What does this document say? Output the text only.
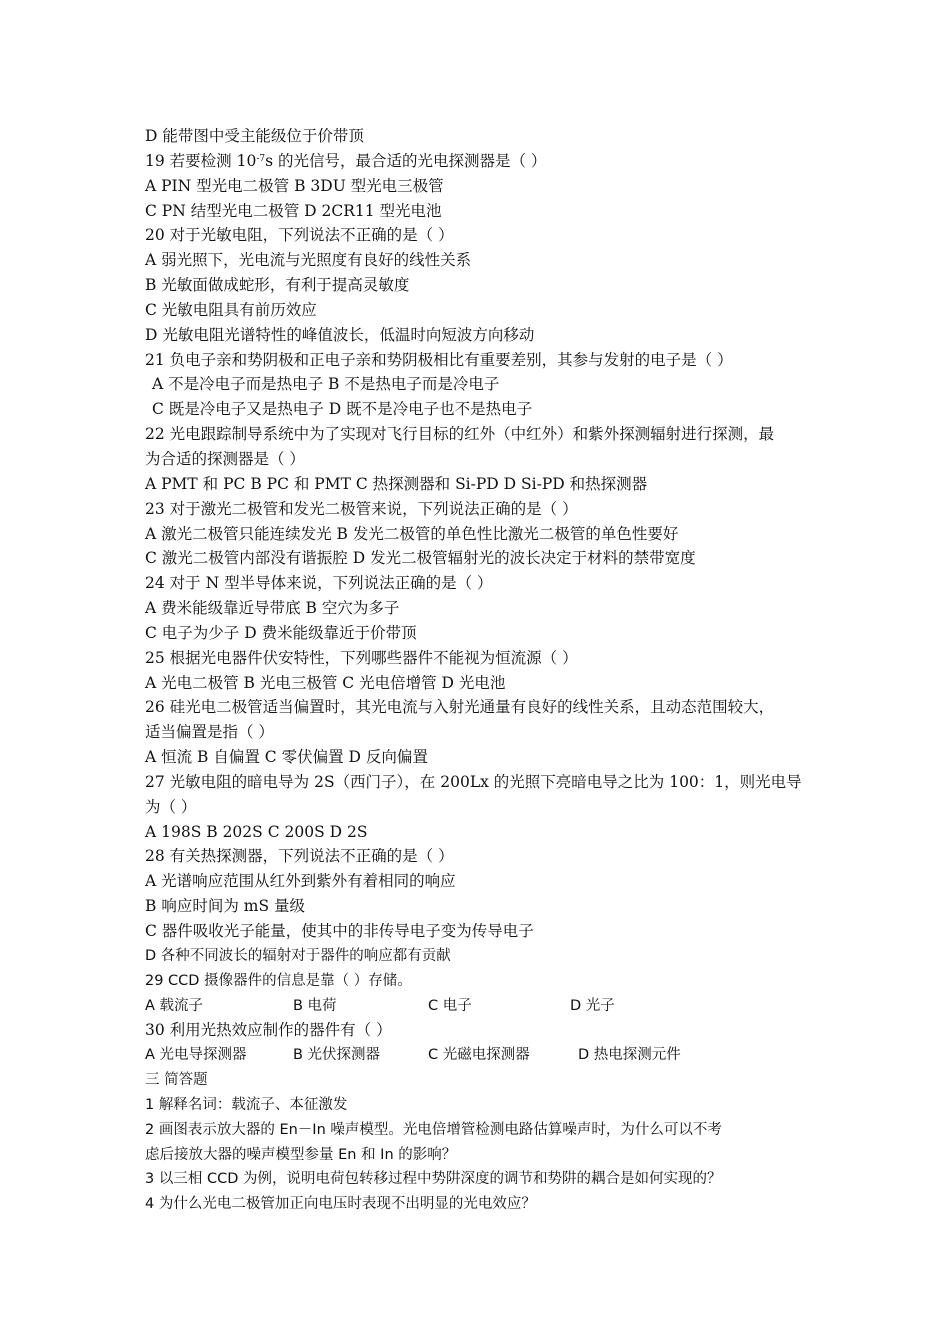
D 能带图中受主能级位于价带顶
19 若要检测 $10^{-7}s$ 的光信号，最合适的光电探测器是（ ）
A PIN 型光电二极管 B 3DU 型光电三极管
C PN 结型光电二极管 D 2CR11 型光电池
20 对于光敏电阻，下列说法不正确的是（ ）
A 弱光照下，光电流与光照度有良好的线性关系
B 光敏面做成蛇形，有利于提高灵敏度
C 光敏电阻具有前历效应
D 光敏电阻光谱特性的峰值波长，低温时向短波方向移动
21 负电子亲和势阴极和正电子亲和势阴极相比有重要差别，其参与发射的电子是（ ）
A 不是冷电子而是热电子 B 不是热电子而是冷电子
C 既是冷电子又是热电子 D 既不是冷电子也不是热电子
22 光电跟踪制导系统中为了实现对飞行目标的红外（中红外）和紫外探测辐射进行探测，最
为合适的探测器是（ ）
A PMT 和 PC B PC 和 PMT C 热探测器和 Si-PD D Si-PD 和热探测器
23 对于激光二极管和发光二极管来说，下列说法正确的是（ ）
A 激光二极管只能连续发光 B 发光二极管的单色性比激光二极管的单色性要好
C 激光二极管内部没有谐振腔 D 发光二极管辐射光的波长决定于材料的禁带宽度
24 对于 N 型半导体来说，下列说法正确的是（ ）
A 费米能级靠近导带底 B 空穴为多子
C 电子为少子 D 费米能级靠近于价带顶
25 根据光电器件伏安特性，下列哪些器件不能视为恒流源（ ）
A 光电二极管 B 光电三极管 C 光电倍增管 D 光电池
26 硅光电二极管适当偏置时，其光电流与入射光通量有良好的线性关系，且动态范围较大，
适当偏置是指（ ）
A 恒流 B 自偏置 C 零伏偏置 D 反向偏置
27 光敏电阻的暗电导为 2S（西门子），在 200Lx 的光照下亮暗电导之比为 100：1，则光电导
为（ ）
A 198S B 202S C 200S D 2S
28 有关热探测器，下列说法不正确的是（ ）
A 光谱响应范围从红外到紫外有着相同的响应
B 响应时间为 mS 量级
C 器件吸收光子能量，使其中的非传导电子变为传导电子
D 各种不同波长的辐射对于器件的响应都有贡献
29 CCD 摄像器件的信息是靠（ ）存储。
A 载流子	B 电荷	C 电子	D 光子
30 利用光热效应制作的器件有（ ）
A 光电导探测器	B 光伏探测器	C 光磁电探测器	D 热电探测元件
三 简答题
1 解释名词：载流子、本征激发
2 画图表示放大器的 En－In 噪声模型。光电倍增管检测电路估算噪声时，为什么可以不考
虑后接放大器的噪声模型参量 En 和 In 的影响？
3 以三相 CCD 为例，说明电荷包转移过程中势阱深度的调节和势阱的耦合是如何实现的？
4 为什么光电二极管加正向电压时表现不出明显的光电效应？
